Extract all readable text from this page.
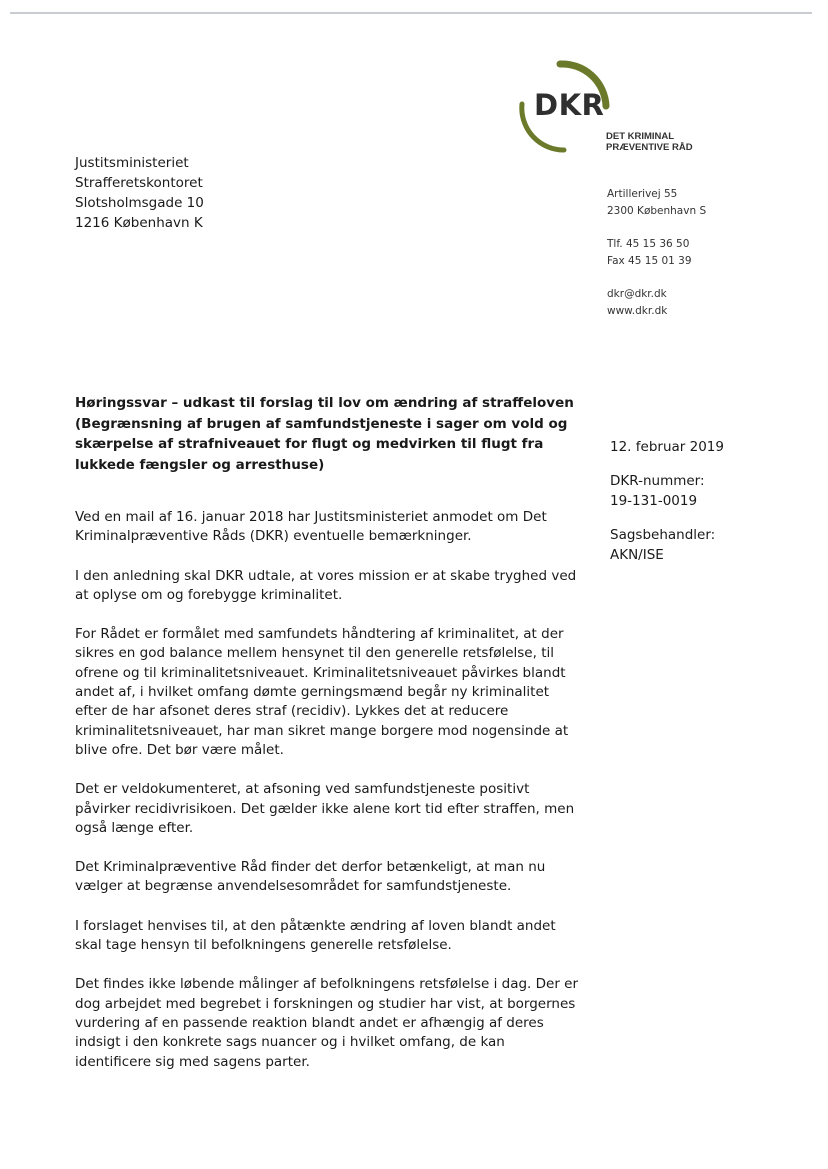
DKR
DET KRIMINAL
PRÆVENTIVE RÅD
Justitsministeriet
Strafferetskontoret
Slotsholmsgade 10
1216 København K
Artillerivej 55
2300 København S
Tlf. 45 15 36 50
Fax 45 15 01 39
dkr@dkr.dk
www.dkr.dk
Høringssvar – udkast til forslag til lov om ændring af straffeloven
(Begrænsning af brugen af samfundstjeneste i sager om vold og
skærpelse af strafniveauet for flugt og medvirken til flugt fra
lukkede fængsler og arresthuse)
12. februar 2019
DKR-nummer:
19-131-0019
Sagsbehandler:
AKN/ISE

Ved en mail af 16. januar 2018 har Justitsministeriet anmodet om Det
Kriminalpræventive Råds (DKR) eventuelle bemærkninger.

I den anledning skal DKR udtale, at vores mission er at skabe tryghed ved
at oplyse om og forebygge kriminalitet.

For Rådet er formålet med samfundets håndtering af kriminalitet, at der
sikres en god balance mellem hensynet til den generelle retsfølelse, til
ofrene og til kriminalitetsniveauet. Kriminalitetsniveauet påvirkes blandt
andet af, i hvilket omfang dømte gerningsmænd begår ny kriminalitet
efter de har afsonet deres straf (recidiv). Lykkes det at reducere
kriminalitetsniveauet, har man sikret mange borgere mod nogensinde at
blive ofre. Det bør være målet.

Det er veldokumenteret, at afsoning ved samfundstjeneste positivt
påvirker recidivrisikoen. Det gælder ikke alene kort tid efter straffen, men
også længe efter.

Det Kriminalpræventive Råd finder det derfor betænkeligt, at man nu
vælger at begrænse anvendelsesområdet for samfundstjeneste.

I forslaget henvises til, at den påtænkte ændring af loven blandt andet
skal tage hensyn til befolkningens generelle retsfølelse.

Det findes ikke løbende målinger af befolkningens retsfølelse i dag. Der er
dog arbejdet med begrebet i forskningen og studier har vist, at borgernes
vurdering af en passende reaktion blandt andet er afhængig af deres
indsigt i den konkrete sags nuancer og i hvilket omfang, de kan
identificere sig med sagens parter.
